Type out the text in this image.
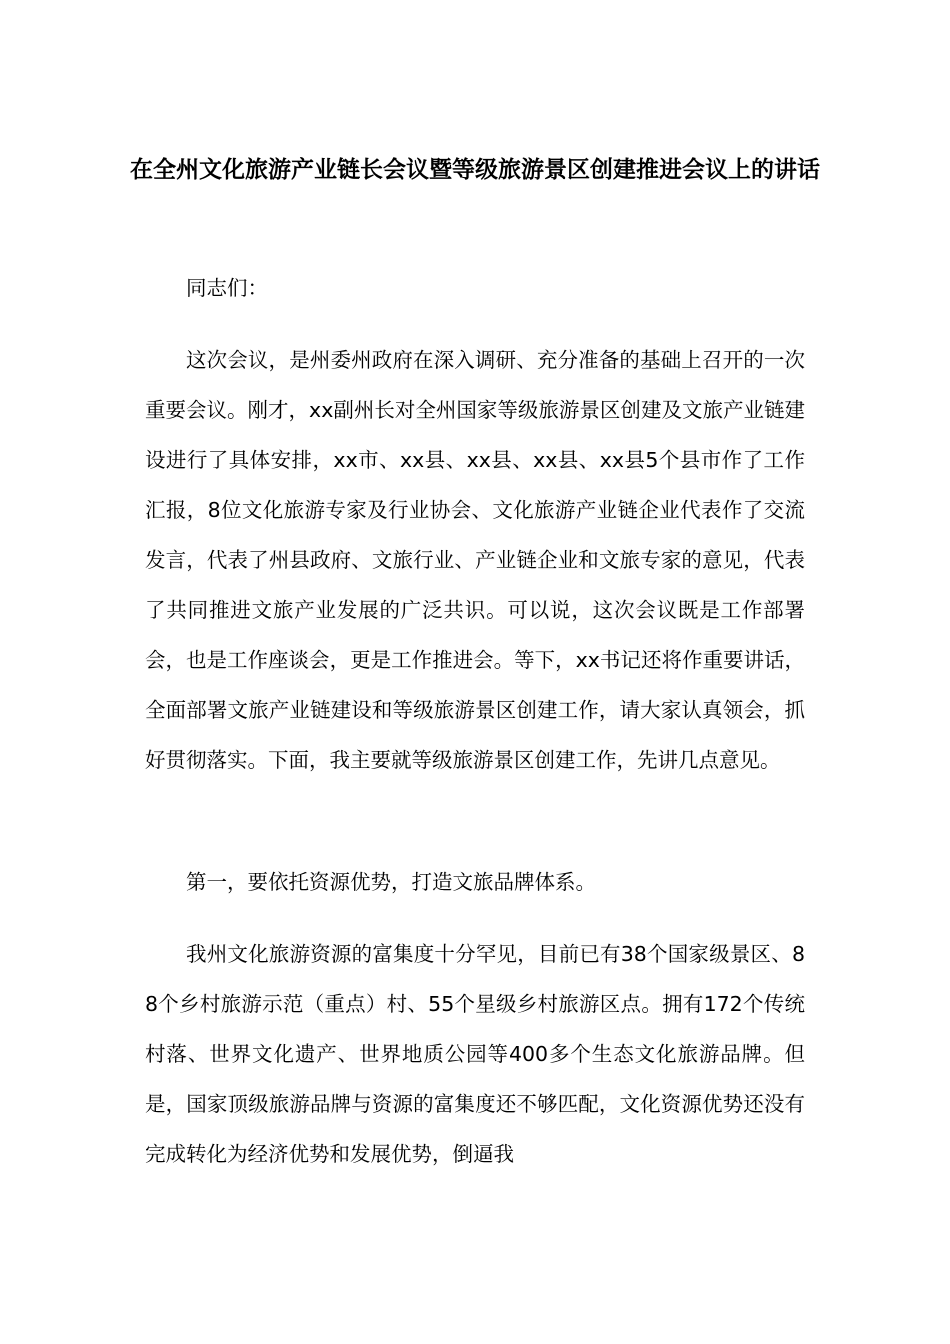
在全州文化旅游产业链长会议暨等级旅游景区创建推进会议上的讲话

同志们：

这次会议，是州委州政府在深入调研、充分准备的基础上召开的一次重要会议。刚才，xx副州长对全州国家等级旅游景区创建及文旅产业链建设进行了具体安排，xx市、xx县、xx县、xx县、xx县5个县市作了工作汇报，8位文化旅游专家及行业协会、文化旅游产业链企业代表作了交流发言，代表了州县政府、文旅行业、产业链企业和文旅专家的意见，代表了共同推进文旅产业发展的广泛共识。可以说，这次会议既是工作部署会，也是工作座谈会，更是工作推进会。等下，xx书记还将作重要讲话，全面部署文旅产业链建设和等级旅游景区创建工作，请大家认真领会，抓好贯彻落实。下面，我主要就等级旅游景区创建工作，先讲几点意见。

第一，要依托资源优势，打造文旅品牌体系。

我州文化旅游资源的富集度十分罕见，目前已有38个国家级景区、88个乡村旅游示范（重点）村、55个星级乡村旅游区点。拥有172个传统村落、世界文化遗产、世界地质公园等400多个生态文化旅游品牌。但是，国家顶级旅游品牌与资源的富集度还不够匹配，文化资源优势还没有完成转化为经济优势和发展优势，倒逼我
